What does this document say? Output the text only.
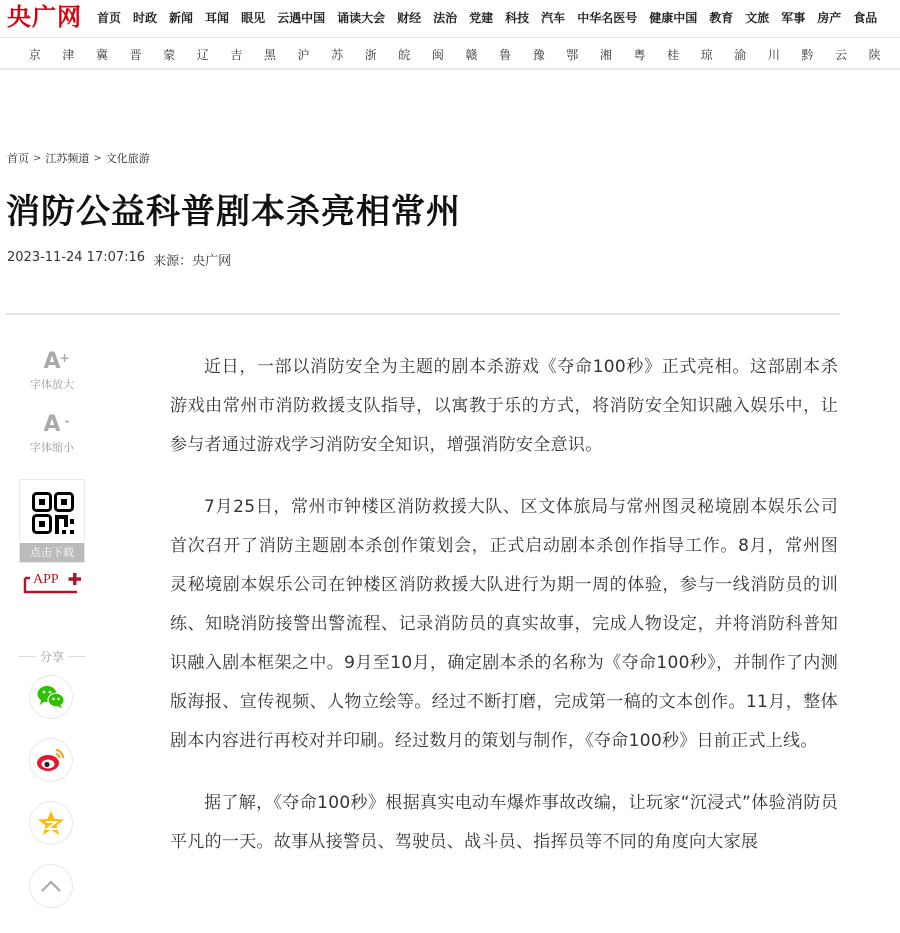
央广网 首页 时政 新闻 耳闻 眼见 云遇中国 诵读大会 财经 法治 党建 科技 汽车 中华名医号 健康中国 教育 文旅 军事 房产 食品
京	津	冀	晋	蒙	辽	吉	黑	沪	苏	浙	皖	闽	赣	鲁	豫	鄂	湘	粤	桂	琼	渝	川	黔	云	陕
首页 > 江苏频道 > 文化旅游
消防公益科普剧本杀亮相常州
2023-11-24 17:07:16 来源：央广网
A
+
字体放大
A -
字体缩小
点击下载
APP
分享

近日，一部以消防安全为主题的剧本杀游戏《夺命100秒》正式亮相。这部剧本杀游戏由常州市消防救援支队指导，以寓教于乐的方式，将消防安全知识融入娱乐中，让参与者通过游戏学习消防安全知识，增强消防安全意识。

7月25日，常州市钟楼区消防救援大队、区文体旅局与常州图灵秘境剧本娱乐公司首次召开了消防主题剧本杀创作策划会，正式启动剧本杀创作指导工作。8月，常州图灵秘境剧本娱乐公司在钟楼区消防救援大队进行为期一周的体验，参与一线消防员的训练、知晓消防接警出警流程、记录消防员的真实故事，完成人物设定，并将消防科普知识融入剧本框架之中。9月至10月，确定剧本杀的名称为《夺命100秒》，并制作了内测版海报、宣传视频、人物立绘等。经过不断打磨，完成第一稿的文本创作。11月，整体剧本内容进行再校对并印刷。经过数月的策划与制作，《夺命100秒》日前正式上线。

据了解，《夺命100秒》根据真实电动车爆炸事故改编，让玩家“沉浸式”体验消防员平凡的一天。故事从接警员、驾驶员、战斗员、指挥员等不同的角度向大家展
